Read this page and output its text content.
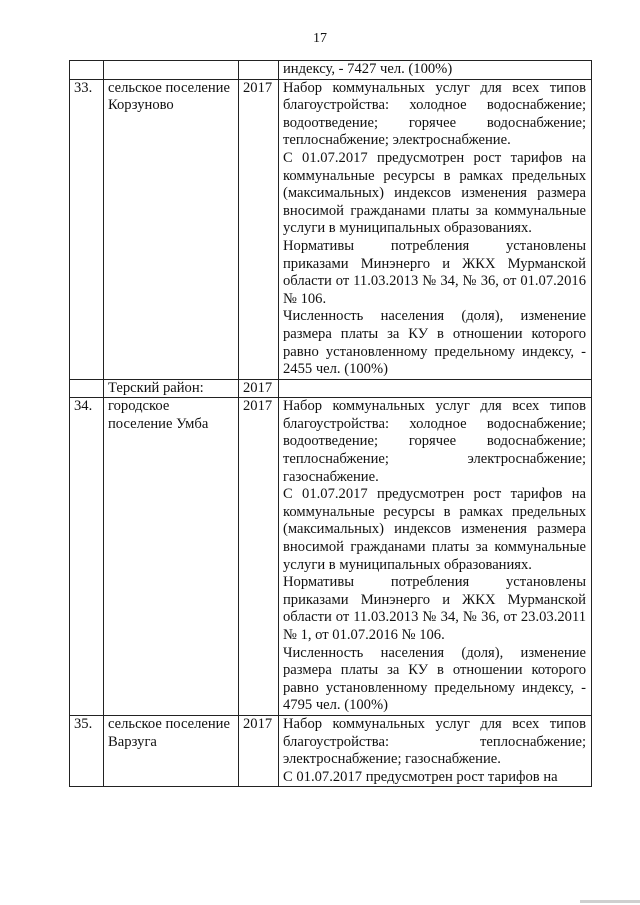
17

			индексу, - 7427 чел. (100%)

33.	сельское поселение Корзуново	2017	Набор коммунальных услуг для всех типов благоустройства: холодное водоснабжение; водоотведение; горячее водоснабжение; теплоснабжение; электроснабжение.

С 01.07.2017 предусмотрен рост тарифов на коммунальные ресурсы в рамках предельных (максимальных) индексов изменения размера вносимой гражданами платы за коммунальные услуги в муниципальных образованиях.

Нормативы потребления установлены приказами Минэнерго и ЖКХ Мурманской области от 11.03.2013 № 34, № 36, от 01.07.2016 № 106.

Численность населения (доля), изменение размера платы за КУ в отношении которого равно установленному предельному индексу, - 2455 чел. (100%)

	Терский район:	2017	
34.	городское поселение Умба	2017	Набор коммунальных услуг для всех типов благоустройства: холодное водоснабжение; водоотведение; горячее водоснабжение; теплоснабжение; электроснабжение; газоснабжение.

С 01.07.2017 предусмотрен рост тарифов на коммунальные ресурсы в рамках предельных (максимальных) индексов изменения размера вносимой гражданами платы за коммунальные услуги в муниципальных образованиях.

Нормативы потребления установлены приказами Минэнерго и ЖКХ Мурманской области от 11.03.2013 № 34, № 36, от 23.03.2011 № 1, от 01.07.2016 № 106.

Численность населения (доля), изменение размера платы за КУ в отношении которого равно установленному предельному индексу, - 4795 чел. (100%)

35.	сельское поселение Варзуга	2017	Набор коммунальных услуг для всех типов благоустройства: теплоснабжение; электроснабжение; газоснабжение.

С 01.07.2017 предусмотрен рост тарифов на
